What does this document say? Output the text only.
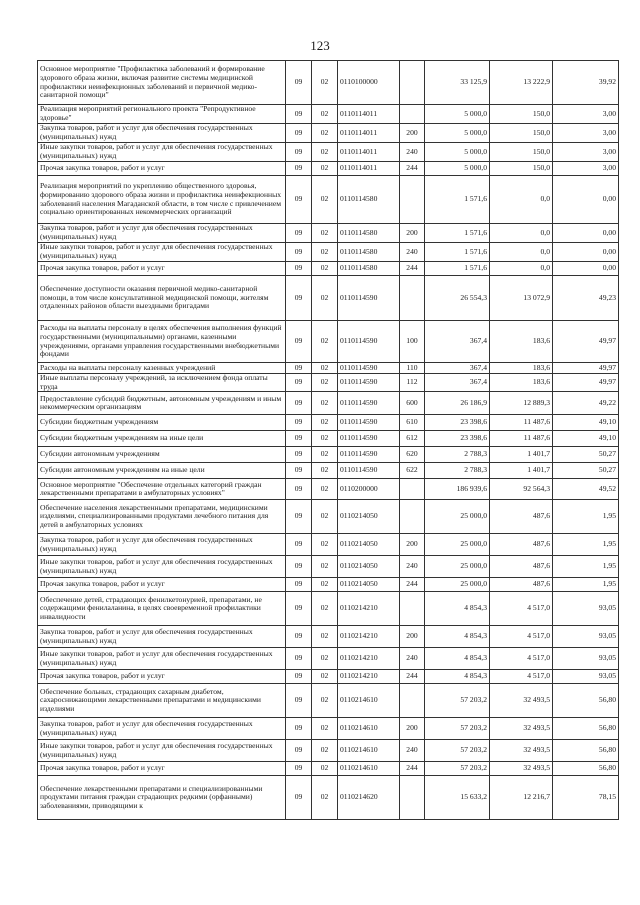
123
Основное мероприятие "Профилактика заболеваний и формирование здорового образа жизни, включая развитие системы медицинской профилактики неинфекционных заболеваний и первичной медико-санитарной помощи"	09	02	0110100000		33 125,9	13 222,9	39,92
Реализация мероприятий регионального проекта "Репродуктивное здоровье"	09	02	0110114011		5 000,0	150,0	3,00
Закупка товаров, работ и услуг для обеспечения государственных (муниципальных) нужд	09	02	0110114011	200	5 000,0	150,0	3,00
Иные закупки товаров, работ и услуг для обеспечения государственных (муниципальных) нужд	09	02	0110114011	240	5 000,0	150,0	3,00
Прочая закупка товаров, работ и услуг	09	02	0110114011	244	5 000,0	150,0	3,00
Реализация мероприятий по укреплению общественного здоровья, формированию здорового образа жизни и профилактика неинфекционных заболеваний населения Магаданской области, в том числе с привлечением социально ориентированных некоммерческих организаций	09	02	0110114580		1 571,6	0,0	0,00
Закупка товаров, работ и услуг для обеспечения государственных (муниципальных) нужд	09	02	0110114580	200	1 571,6	0,0	0,00
Иные закупки товаров, работ и услуг для обеспечения государственных (муниципальных) нужд	09	02	0110114580	240	1 571,6	0,0	0,00
Прочая закупка товаров, работ и услуг	09	02	0110114580	244	1 571,6	0,0	0,00
Обеспечение доступности оказания первичной медико-санитарной помощи, в том числе консультативной медицинской помощи, жителям отдаленных районов области выездными бригадами	09	02	0110114590		26 554,3	13 072,9	49,23
Расходы на выплаты персоналу в целях обеспечения выполнения функций государственными (муниципальными) органами, казенными учреждениями, органами управления государственными внебюджетными фондами	09	02	0110114590	100	367,4	183,6	49,97
Расходы на выплаты персоналу казенных учреждений	09	02	0110114590	110	367,4	183,6	49,97
Иные выплаты персоналу учреждений, за исключением фонда оплаты труда	09	02	0110114590	112	367,4	183,6	49,97
Предоставление субсидий бюджетным, автономным учреждениям и иным некоммерческим организациям	09	02	0110114590	600	26 186,9	12 889,3	49,22
Субсидии бюджетным учреждениям	09	02	0110114590	610	23 398,6	11 487,6	49,10
Субсидии бюджетным учреждениям на иные цели	09	02	0110114590	612	23 398,6	11 487,6	49,10
Субсидии автономным учреждениям	09	02	0110114590	620	2 788,3	1 401,7	50,27
Субсидии автономным учреждениям на иные цели	09	02	0110114590	622	2 788,3	1 401,7	50,27
Основное мероприятие "Обеспечение отдельных категорий граждан лекарственными препаратами в амбулаторных условиях"	09	02	0110200000		186 939,6	92 564,3	49,52
Обеспечение населения лекарственными препаратами, медицинскими изделиями, специализированными продуктами лечебного питания для детей в амбулаторных условиях	09	02	0110214050		25 000,0	487,6	1,95
Закупка товаров, работ и услуг для обеспечения государственных (муниципальных) нужд	09	02	0110214050	200	25 000,0	487,6	1,95
Иные закупки товаров, работ и услуг для обеспечения государственных (муниципальных) нужд	09	02	0110214050	240	25 000,0	487,6	1,95
Прочая закупка товаров, работ и услуг	09	02	0110214050	244	25 000,0	487,6	1,95
Обеспечение детей, страдающих фенилкетонурией, препаратами, не содержащими фенилаланина, в целях своевременной профилактики инвалидности	09	02	0110214210		4 854,3	4 517,0	93,05
Закупка товаров, работ и услуг для обеспечения государственных (муниципальных) нужд	09	02	0110214210	200	4 854,3	4 517,0	93,05
Иные закупки товаров, работ и услуг для обеспечения государственных (муниципальных) нужд	09	02	0110214210	240	4 854,3	4 517,0	93,05
Прочая закупка товаров, работ и услуг	09	02	0110214210	244	4 854,3	4 517,0	93,05
Обеспечение больных, страдающих сахарным диабетом, сахароснижающими лекарственными препаратами и медицинскими изделиями	09	02	0110214610		57 203,2	32 493,5	56,80
Закупка товаров, работ и услуг для обеспечения государственных (муниципальных) нужд	09	02	0110214610	200	57 203,2	32 493,5	56,80
Иные закупки товаров, работ и услуг для обеспечения государственных (муниципальных) нужд	09	02	0110214610	240	57 203,2	32 493,5	56,80
Прочая закупка товаров, работ и услуг	09	02	0110214610	244	57 203,2	32 493,5	56,80
Обеспечение лекарственными препаратами и специализированными продуктами питания граждан страдающих редкими (орфанными) заболеваниями, приводящими к	09	02	0110214620		15 633,2	12 216,7	78,15
